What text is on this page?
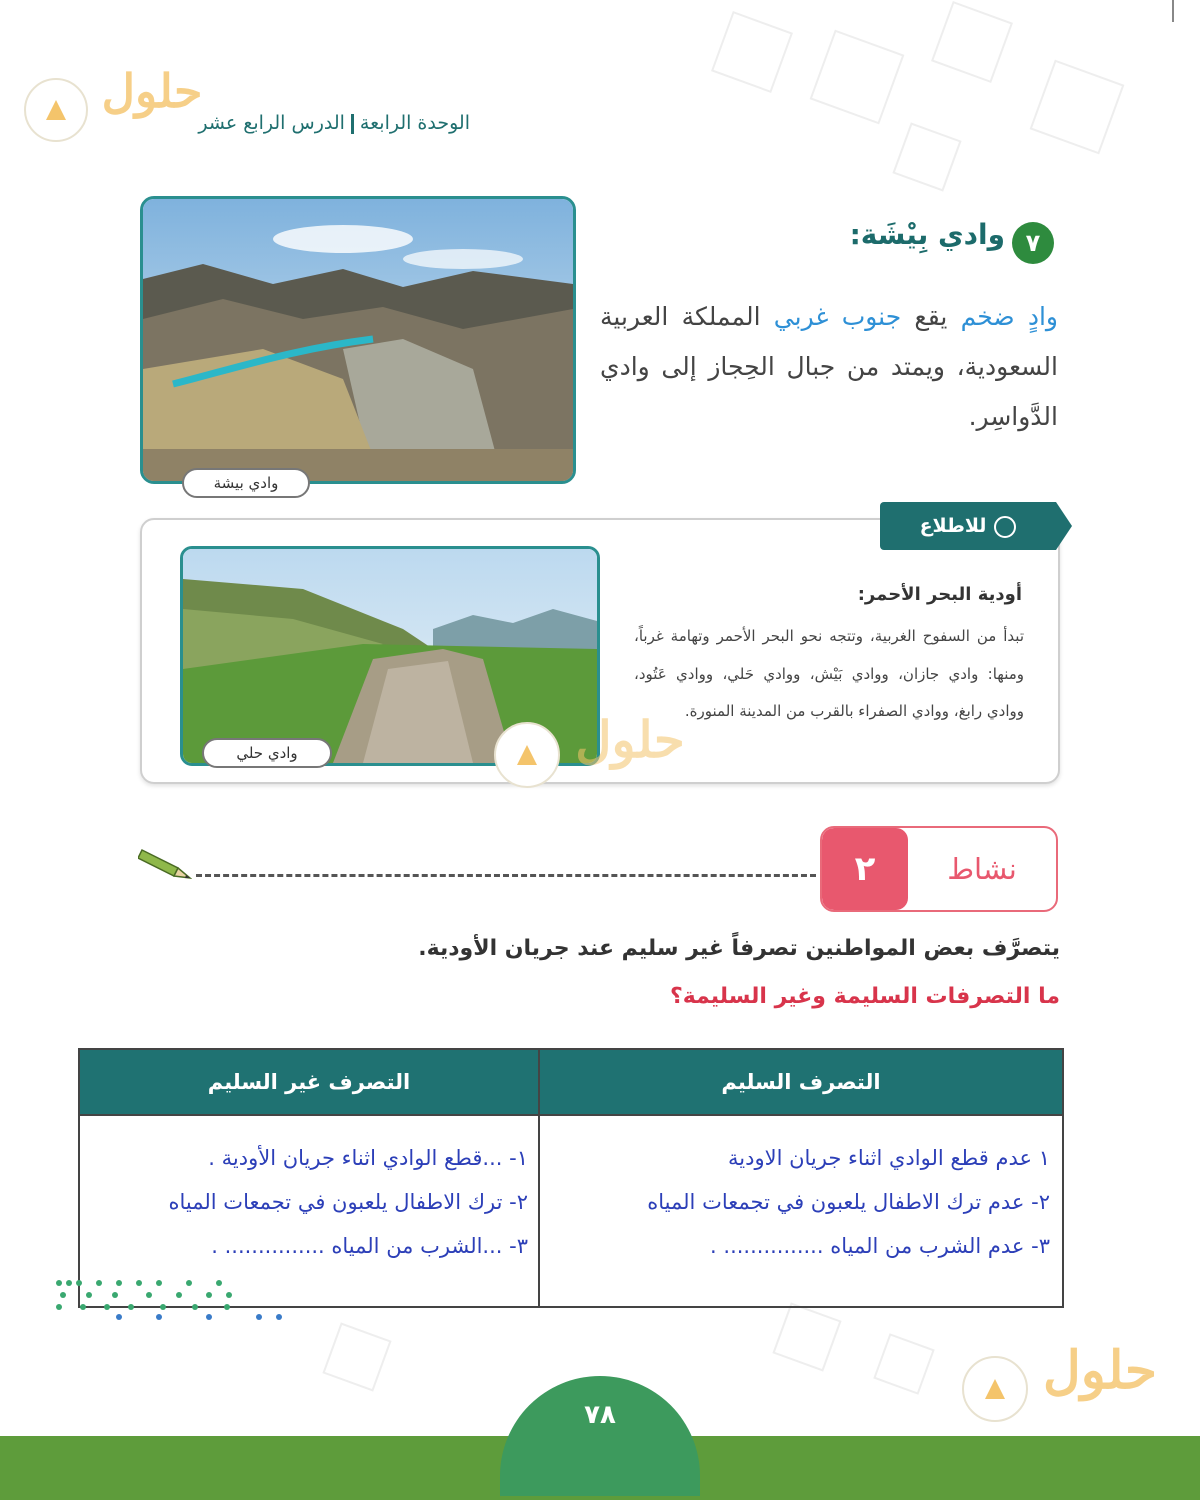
حلول
الوحدة الرابعةالدرس الرابع عشر
وادي بيشة
٧
وادي بِيْشَة:
وادٍ ضخم يقع جنوب غربي المملكة العربية السعودية، ويمتد من جبال الحِجاز إلى وادي الدَّواسِر.
للاطلاع
وادي حلي
أودية البحر الأحمر:
تبدأ من السفوح الغربية، وتتجه نحو البحر الأحمر وتهامة غرباً، ومنها: وادي جازان، ووادي بَيْش، ووادي حَلي، ووادي عَتُود، ووادي رابغ، ووادي الصفراء بالقرب من المدينة المنورة.
حلول
٢	نشاط
يتصرَّف بعض المواطنين تصرفاً غير سليم عند جريان الأودية.
ما التصرفات السليمة وغير السليمة؟
التصرف السليم
التصرف غير السليم
١ عدم قطع الوادي اثناء جريان الاودية
٢- عدم ترك الاطفال يلعبون في تجمعات المياه
٣- عدم الشرب من المياه ............... .
١- ...قطع الوادي اثناء جريان الأودية .
٢- ترك الاطفال يلعبون في تجمعات المياه
٣- ...الشرب من المياه ............... .
حلول
٧٨
